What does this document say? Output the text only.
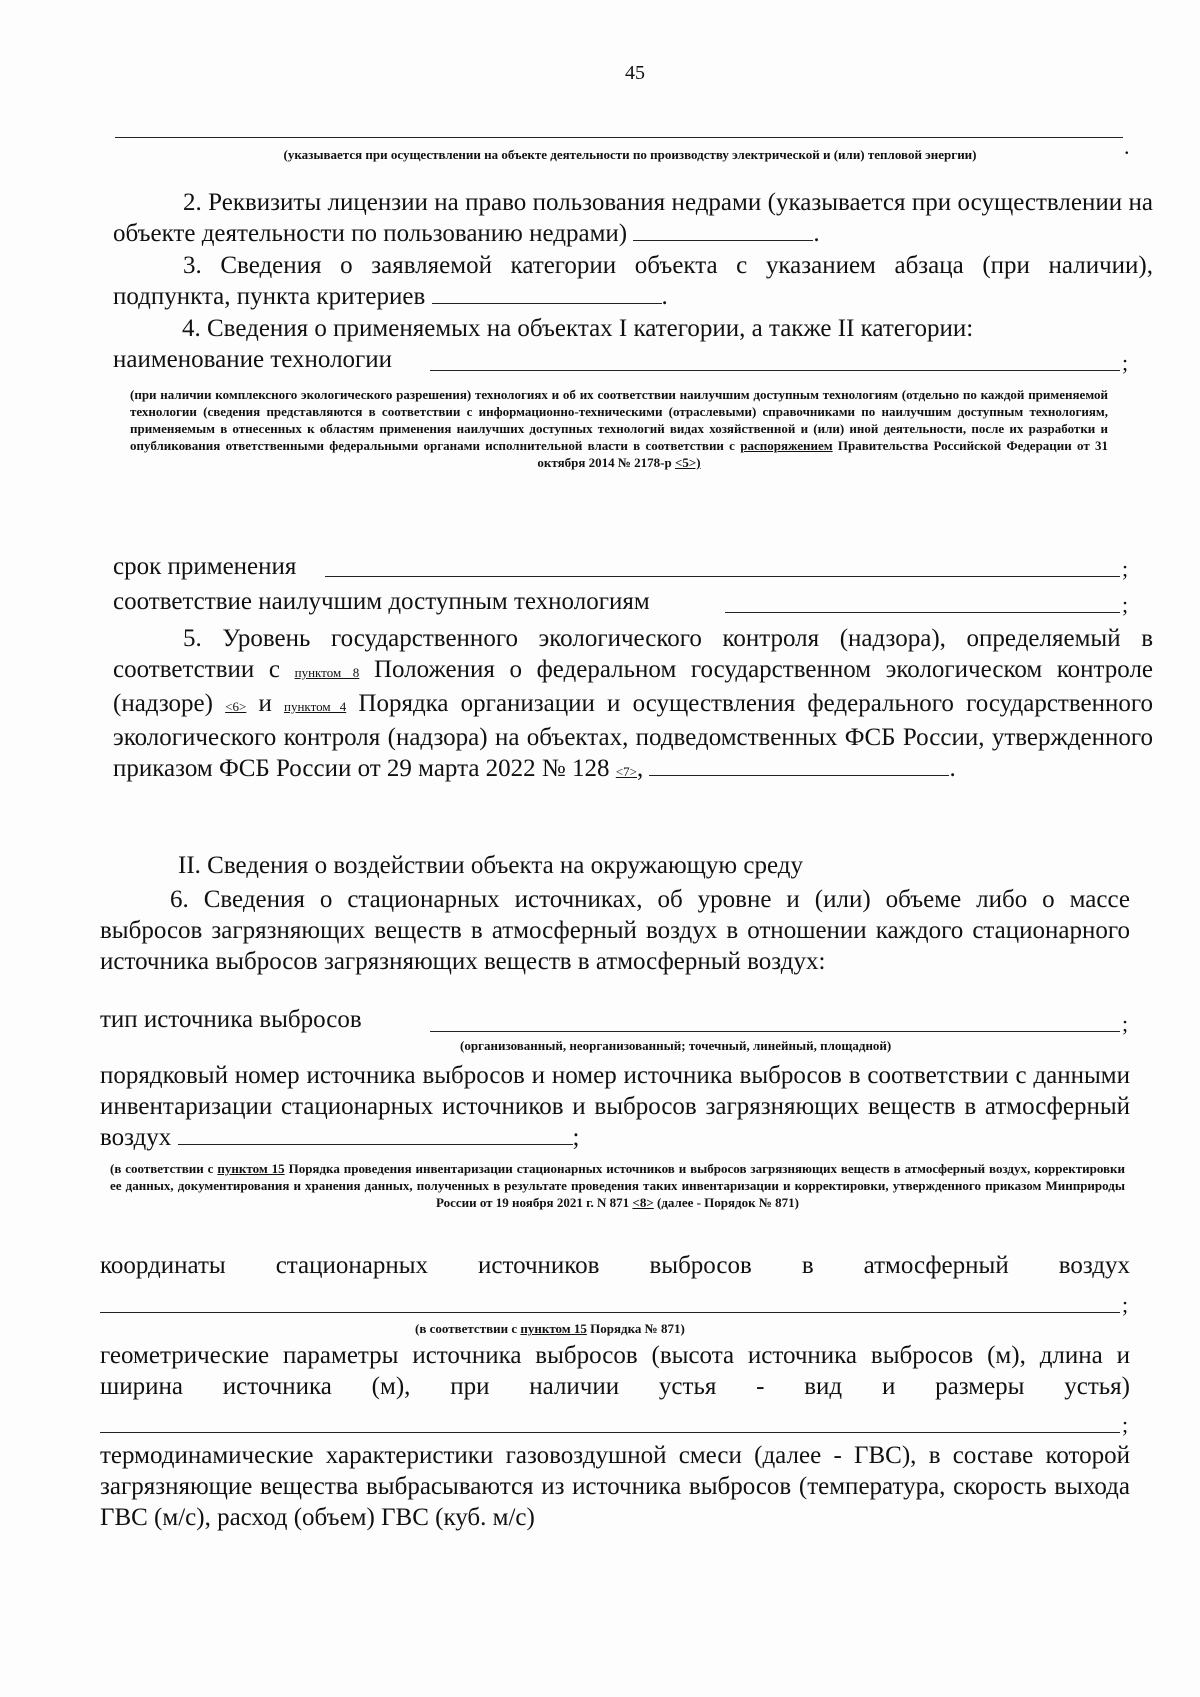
45
.
(указывается при осуществлении на объекте деятельности по производству электрической и (или) тепловой энергии)
2. Реквизиты лицензии на право пользования недрами (указывается при осуществлении на объекте деятельности по пользованию недрами)	.
3. Сведения о заявляемой категории объекта с указанием абзаца (при наличии), подпункта, пункта критериев	.
4. Сведения о применяемых на объектах I категории, а также II категории:
наименование технологии	;
(при наличии комплексного экологического разрешения) технологиях и об их соответствии наилучшим доступным технологиям (отдельно по каждой применяемой технологии (сведения представляются в соответствии с информационно-техническими (отраслевыми) справочниками по наилучшим доступным технологиям, применяемым в отнесенных к областям применения наилучших доступных технологий видах хозяйственной и (или) иной деятельности, после их разработки и опубликования ответственными федеральными органами исполнительной власти в соответствии с распоряжением Правительства Российской Федерации от 31 октября 2014 № 2178-р <5>)
срок применения	;
соответствие наилучшим доступным технологиям	;
5. Уровень государственного экологического контроля (надзора), определяемый в соответствии с пунктом 8 Положения о федеральном государственном экологическом контроле (надзоре) <6> и пунктом 4 Порядка организации и осуществления федерального государственного экологического контроля (надзора) на объектах, подведомственных ФСБ России, утвержденного приказом ФСБ России от 29 марта 2022 № 128 <7>,	.
II. Сведения о воздействии объекта на окружающую среду
6. Сведения о стационарных источниках, об уровне и (или) объеме либо о массе выбросов загрязняющих веществ в атмосферный воздух в отношении каждого стационарного источника выбросов загрязняющих веществ в атмосферный воздух:
тип источника выбросов	;
(организованный, неорганизованный; точечный, линейный, площадной)
порядковый номер источника выбросов и номер источника выбросов в соответствии с данными инвентаризации стационарных источников и выбросов загрязняющих веществ в атмосферный воздух	;
(в соответствии с пунктом 15 Порядка проведения инвентаризации стационарных источников и выбросов загрязняющих веществ в атмосферный воздух, корректировки ее данных, документирования и хранения данных, полученных в результате проведения таких инвентаризации и корректировки, утвержденного приказом Минприроды России от 19 ноября 2021 г. N 871 <8> (далее - Порядок № 871)
координаты стационарных источников выбросов в атмосферный воздух
;
(в соответствии с пунктом 15 Порядка № 871)
геометрические параметры источника выбросов (высота источника выбросов (м), длина и ширина источника (м), при наличии устья - вид и размеры устья)
;
термодинамические характеристики газовоздушной смеси (далее - ГВС), в составе которой загрязняющие вещества выбрасываются из источника выбросов (температура, скорость выхода ГВС (м/с), расход (объем) ГВС (куб. м/с)
